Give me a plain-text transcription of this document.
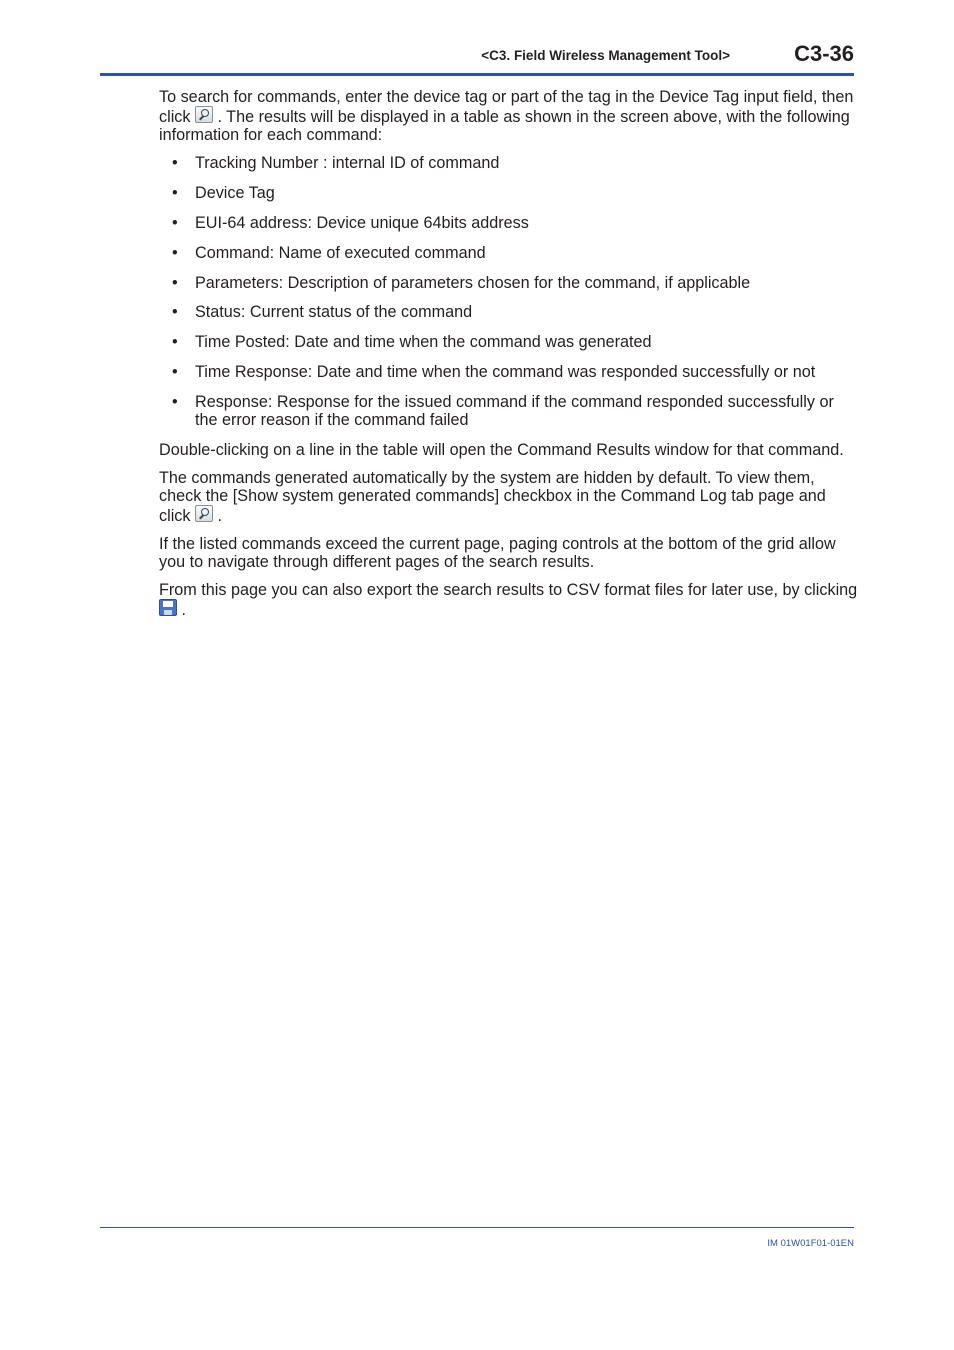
<C3. Field Wireless Management Tool>	C3-36

To search for commands, enter the device tag or part of the tag in the Device Tag input field, then click  . The results will be displayed in a table as shown in the screen above, with the following information for each command:

• Tracking Number : internal ID of command
• Device Tag
• EUI-64 address: Device unique 64bits address
• Command: Name of executed command
• Parameters: Description of parameters chosen for the command, if applicable
• Status: Current status of the command
• Time Posted: Date and time when the command was generated
• Time Response: Date and time when the command was responded successfully or not
• Response: Response for the issued command if the command responded successfully or the error reason if the command failed

Double-clicking on a line in the table will open the Command Results window for that command.

The commands generated automatically by the system are hidden by default. To view them, check the [Show system generated commands] checkbox in the Command Log tab page and click  .

If the listed commands exceed the current page, paging controls at the bottom of the grid allow you to navigate through different pages of the search results.

From this page you can also export the search results to CSV format files for later use, by clicking  .

IM 01W01F01-01EN
